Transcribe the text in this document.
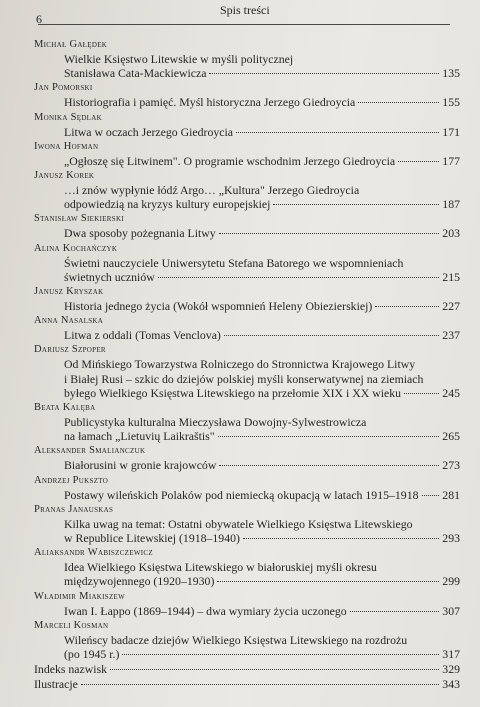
6
Spis treści
Michał Gałędek
Wielkie Księstwo Litewskie w myśli politycznej
Stanisława Cata-Mackiewicza	135
Jan Pomorski
Historiografia i pamięć. Myśl historyczna Jerzego Giedroycia	155
Monika Sędlak
Litwa w oczach Jerzego Giedroycia	171
Iwona Hofman
„Ogłoszę się Litwinem". O programie wschodnim Jerzego Giedroycia	177
Janusz Korek
…i znów wypłynie łódź Argo… „Kultura" Jerzego Giedroycia
odpowiedzią na kryzys kultury europejskiej	187
Stanisław Siekierski
Dwa sposoby pożegnania Litwy	203
Alina Kochańczyk
Świetni nauczyciele Uniwersytetu Stefana Batorego we wspomnieniach
świetnych uczniów	215
Janusz Kryszak
Historia jednego życia (Wokół wspomnień Heleny Obiezierskiej)	227
Anna Nasalska
Litwa z oddali (Tomas Venclova)	237
Dariusz Szpoper
Od Mińskiego Towarzystwa Rolniczego do Stronnictwa Krajowego Litwy
i Białej Rusi – szkic do dziejów polskiej myśli konserwatywnej na ziemiach
byłego Wielkiego Księstwa Litewskiego na przełomie XIX i XX wieku	245
Beata Kalęba
Publicystyka kulturalna Mieczysława Dowojny-Sylwestrowicza
na łamach „Lietuvių Laikraštis"	265
Aleksander Smalianczuk
Białorusini w gronie krajowców	273
Andrzej Pukszto
Postawy wileńskich Polaków pod niemiecką okupacją w latach 1915–1918 281
Pranas Janauskas
Kilka uwag na temat: Ostatni obywatele Wielkiego Księstwa Litewskiego
w Republice Litewskiej (1918–1940)	293
Aliaksandr Wabiszczewicz
Idea Wielkiego Księstwa Litewskiego w białoruskiej myśli okresu
międzywojennego (1920–1930)	299
Władimir Miakiszew
Iwan I. Łappo (1869–1944) – dwa wymiary życia uczonego	307
Marceli Kosman
Wileńscy badacze dziejów Wielkiego Księstwa Litewskiego na rozdrożu
(po 1945 r.)	317
Indeks nazwisk	329
Ilustracje	343
